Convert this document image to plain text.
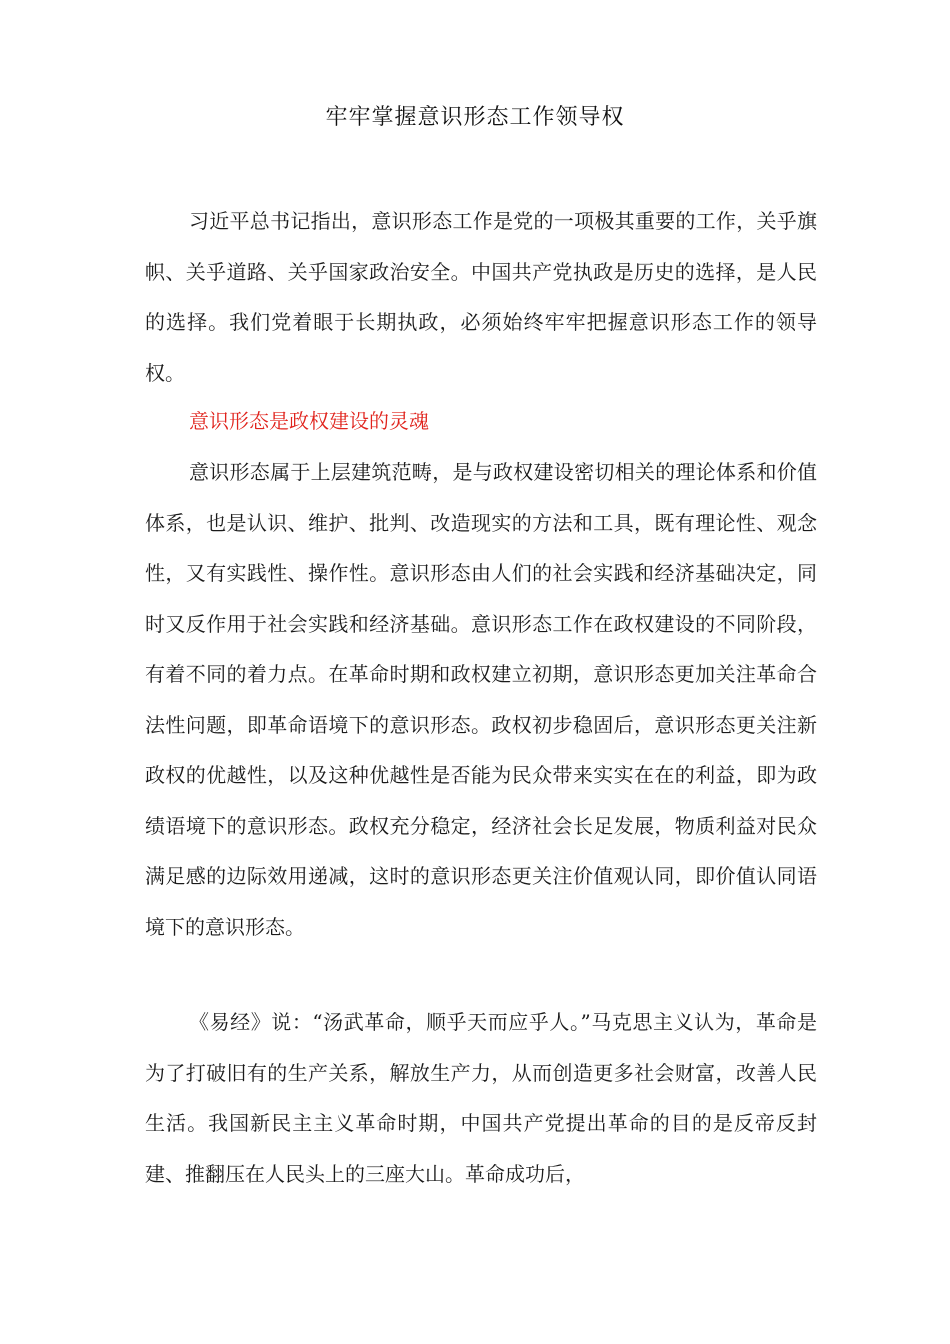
牢牢掌握意识形态工作领导权

习近平总书记指出，意识形态工作是党的一项极其重要的工作，关乎旗帜、关乎道路、关乎国家政治安全。中国共产党执政是历史的选择，是人民的选择。我们党着眼于长期执政，必须始终牢牢把握意识形态工作的领导权。

意识形态是政权建设的灵魂

意识形态属于上层建筑范畴，是与政权建设密切相关的理论体系和价值体系，也是认识、维护、批判、改造现实的方法和工具，既有理论性、观念性，又有实践性、操作性。意识形态由人们的社会实践和经济基础决定，同时又反作用于社会实践和经济基础。意识形态工作在政权建设的不同阶段，有着不同的着力点。在革命时期和政权建立初期，意识形态更加关注革命合法性问题，即革命语境下的意识形态。政权初步稳固后，意识形态更关注新政权的优越性，以及这种优越性是否能为民众带来实实在在的利益，即为政绩语境下的意识形态。政权充分稳定，经济社会长足发展，物质利益对民众满足感的边际效用递减，这时的意识形态更关注价值观认同，即价值认同语境下的意识形态。

《易经》说：“汤武革命，顺乎天而应乎人。”马克思主义认为，革命是为了打破旧有的生产关系，解放生产力，从而创造更多社会财富，改善人民生活。我国新民主主义革命时期，中国共产党提出革命的目的是反帝反封建、推翻压在人民头上的三座大山。革命成功后，
